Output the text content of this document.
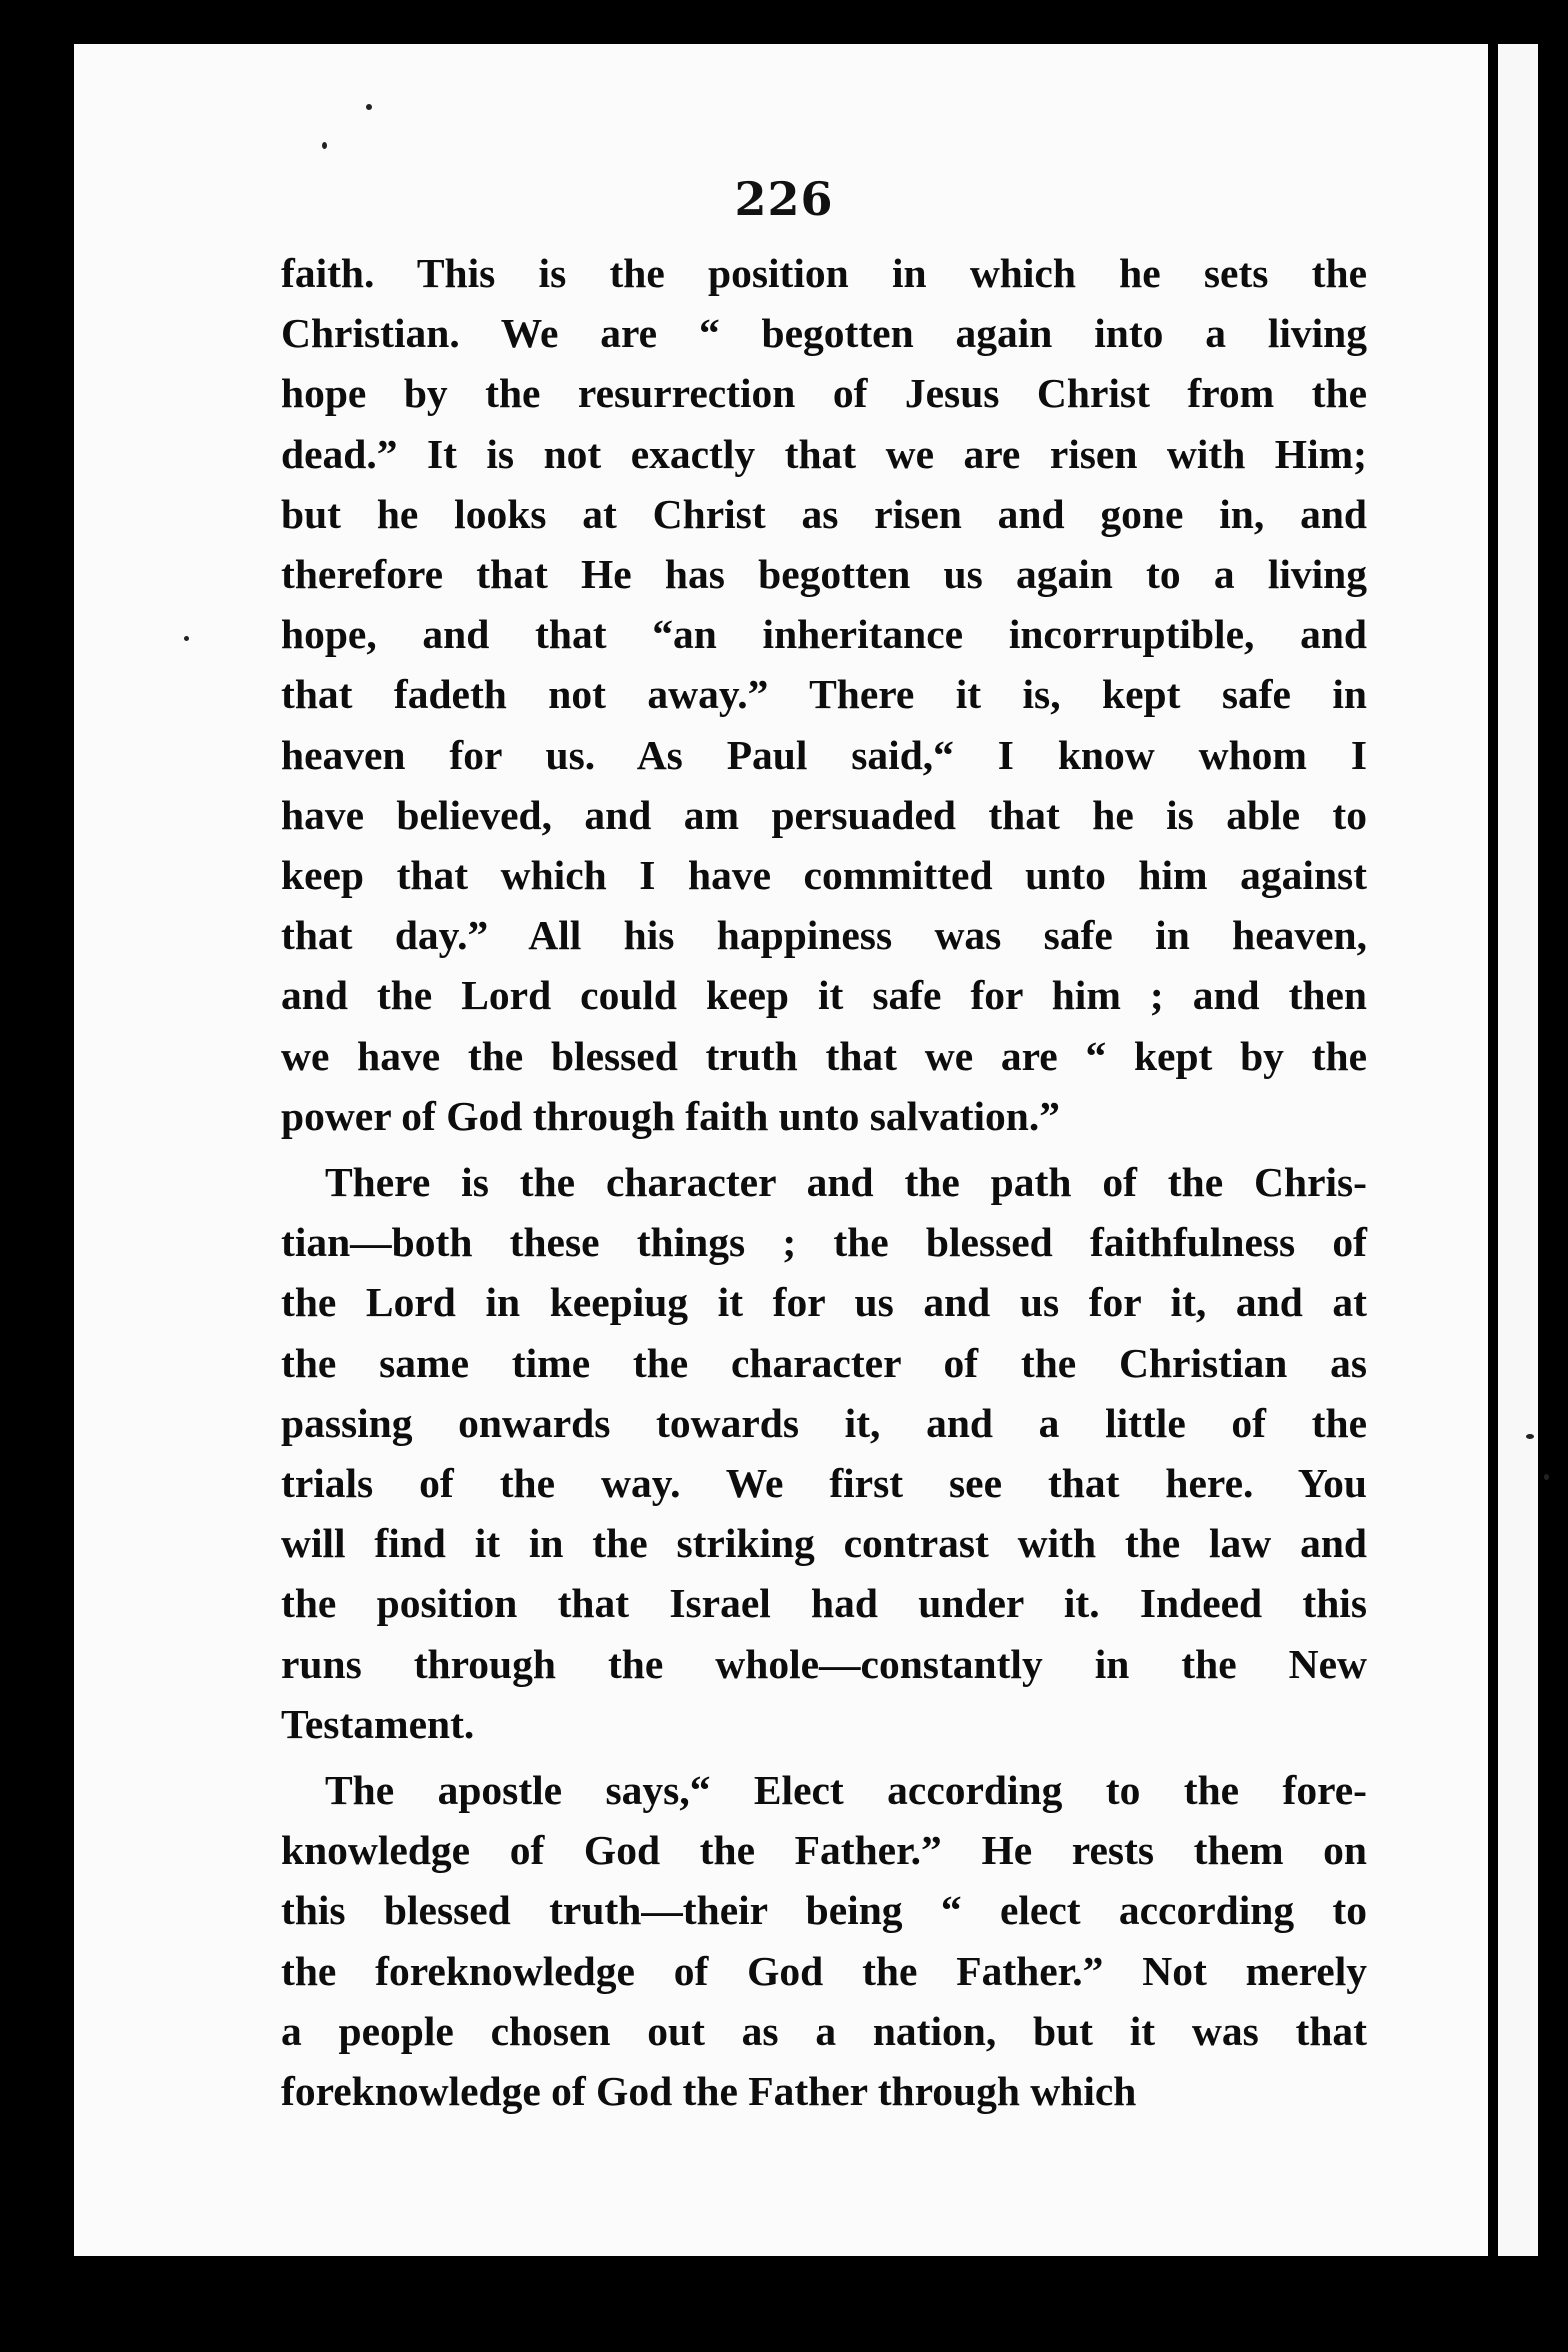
226
faith. This is the position in which he sets the
Christian. We are “ begotten again into a living
hope by the resurrection of Jesus Christ from the
dead.” It is not exactly that we are risen with Him;
but he looks at Christ as risen and gone in, and
therefore that He has begotten us again to a living
hope, and that “an inheritance incorruptible, and
that fadeth not away.” There it is, kept safe in
heaven for us. As Paul said,“ I know whom I
have believed, and am persuaded that he is able to
keep that which I have committed unto him against
that day.” All his happiness was safe in heaven,
and the Lord could keep it safe for him ; and then
we have the blessed truth that we are “ kept by the
power of God through faith unto salvation.”
There is the character and the path of the Chris-
tian—both these things ; the blessed faithfulness of
the Lord in keepiug it for us and us for it, and at
the same time the character of the Christian as
passing onwards towards it, and a little of the
trials of the way. We first see that here. You
will find it in the striking contrast with the law and
the position that Israel had under it. Indeed this
runs through the whole—constantly in the New
Testament.
The apostle says,“ Elect according to the fore-
knowledge of God the Father.” He rests them on
this blessed truth—their being “ elect according to
the foreknowledge of God the Father.” Not merely
a people chosen out as a nation, but it was that
foreknowledge of God the Father through which
